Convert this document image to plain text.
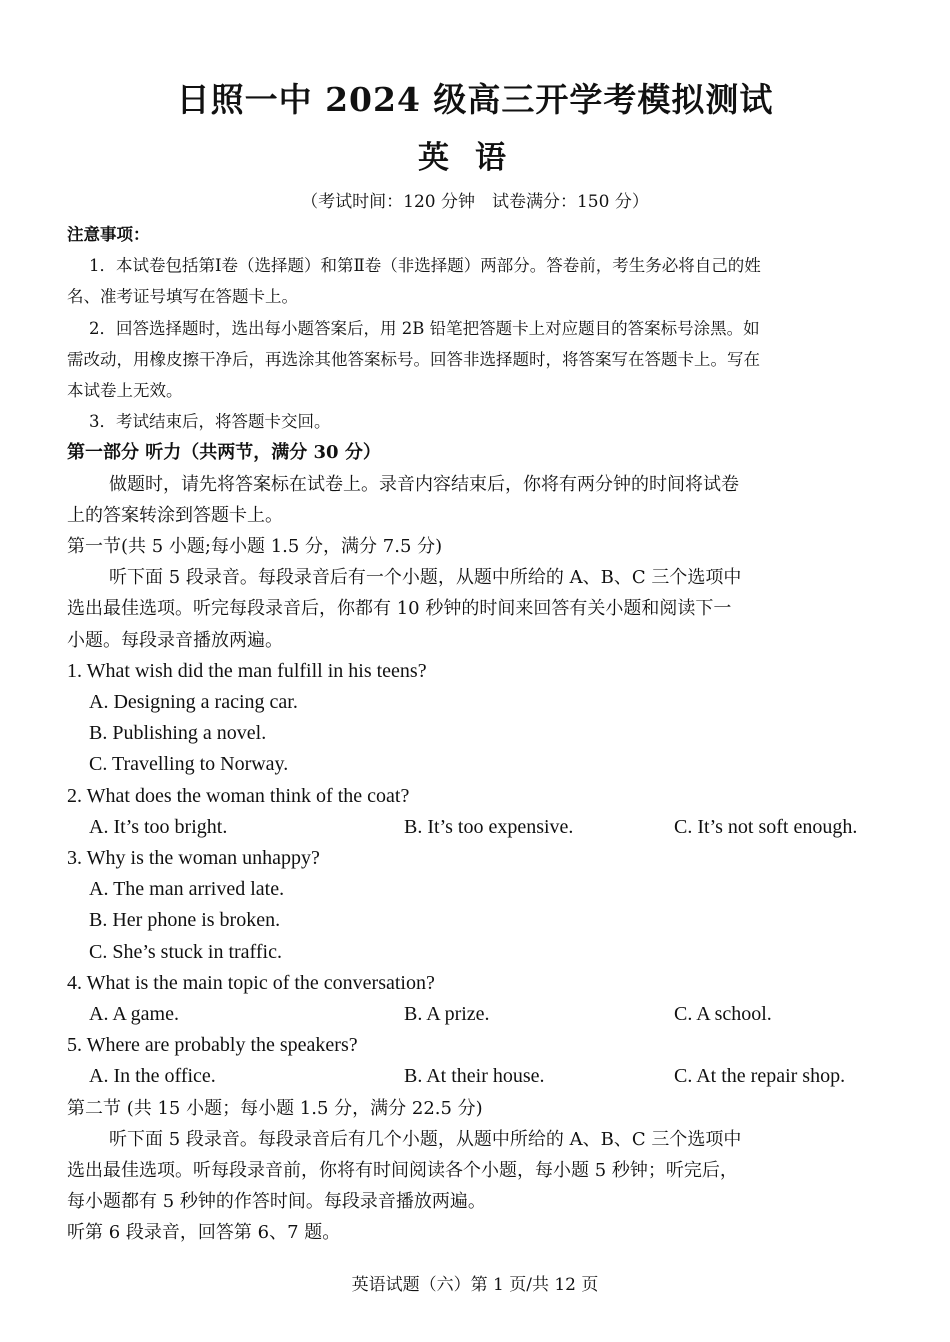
日照一中 2024 级高三开学考模拟测试
英语
（考试时间：120 分钟　试卷满分：150 分）
注意事项：
1．本试卷包括第Ⅰ卷（选择题）和第Ⅱ卷（非选择题）两部分。答卷前，考生务必将自己的姓
名、准考证号填写在答题卡上。
2．回答选择题时，选出每小题答案后，用 2B 铅笔把答题卡上对应题目的答案标号涂黑。如
需改动，用橡皮擦干净后，再选涂其他答案标号。回答非选择题时，将答案写在答题卡上。写在
本试卷上无效。
3．考试结束后，将答题卡交回。
第一部分 听力（共两节，满分 30 分）
做题时，请先将答案标在试卷上。录音内容结束后，你将有两分钟的时间将试卷
上的答案转涂到答题卡上。
第一节(共 5 小题;每小题 1.5 分，满分 7.5 分)
听下面 5 段录音。每段录音后有一个小题，从题中所给的 A、B、C 三个选项中
选出最佳选项。听完每段录音后，你都有 10 秒钟的时间来回答有关小题和阅读下一
小题。每段录音播放两遍。
1. What wish did the man fulfill in his teens?
A. Designing a racing car.
B. Publishing a novel.
C. Travelling to Norway.
2. What does the woman think of the coat?
A. It’s too bright.	B. It’s too expensive.	C. It’s not soft enough.
3. Why is the woman unhappy?
A. The man arrived late.
B. Her phone is broken.
C. She’s stuck in traffic.
4. What is the main topic of the conversation?
A. A game.	B. A prize.	C. A school.
5. Where are probably the speakers?
A. In the office.	B. At their house.	C. At the repair shop.
第二节 (共 15 小题；每小题 1.5 分，满分 22.5 分)
听下面 5 段录音。每段录音后有几个小题，从题中所给的 A、B、C 三个选项中
选出最佳选项。听每段录音前，你将有时间阅读各个小题，每小题 5 秒钟；听完后，
每小题都有 5 秒钟的作答时间。每段录音播放两遍。
听第 6 段录音，回答第 6、7 题。
英语试题（六）第 1 页/共 12 页
